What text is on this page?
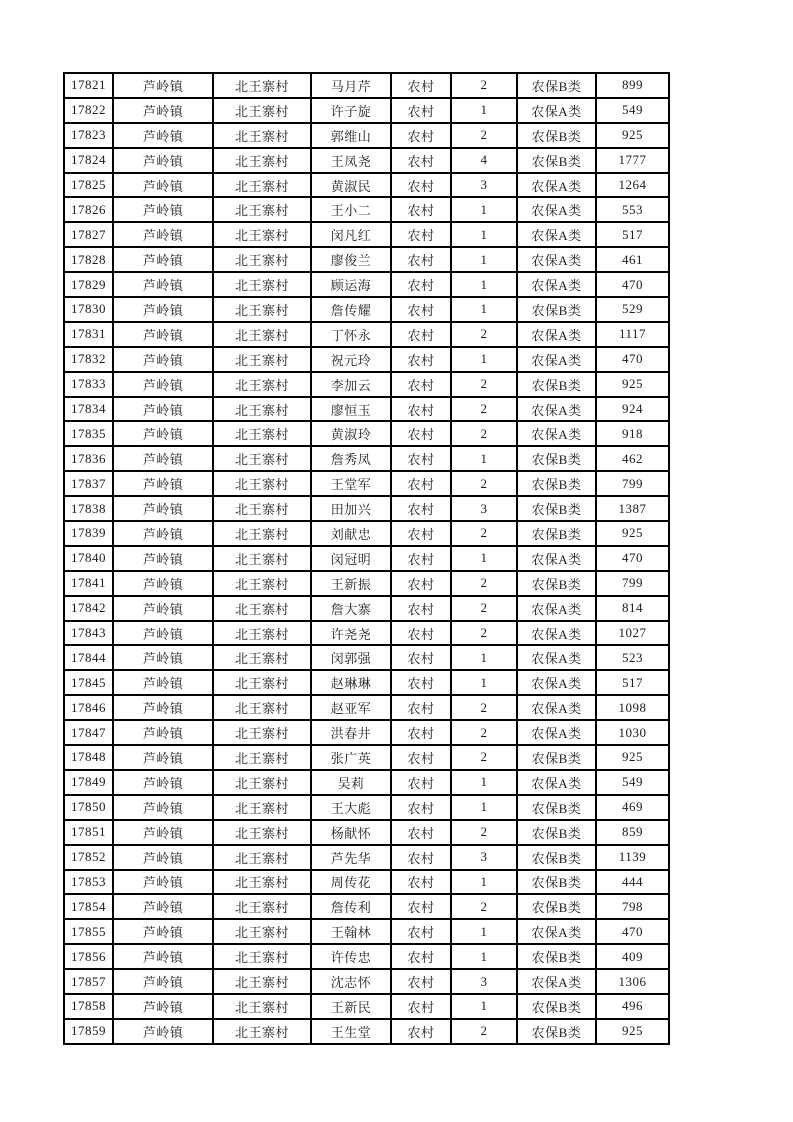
17821	芦岭镇	北王寨村	马月芹	农村	2	农保B类	899
17822	芦岭镇	北王寨村	许子旋	农村	1	农保A类	549
17823	芦岭镇	北王寨村	郭维山	农村	2	农保B类	925
17824	芦岭镇	北王寨村	王凤尧	农村	4	农保B类	1777
17825	芦岭镇	北王寨村	黄淑民	农村	3	农保A类	1264
17826	芦岭镇	北王寨村	王小二	农村	1	农保A类	553
17827	芦岭镇	北王寨村	闵凡红	农村	1	农保A类	517
17828	芦岭镇	北王寨村	廖俊兰	农村	1	农保A类	461
17829	芦岭镇	北王寨村	顾运海	农村	1	农保A类	470
17830	芦岭镇	北王寨村	詹传耀	农村	1	农保B类	529
17831	芦岭镇	北王寨村	丁怀永	农村	2	农保A类	1117
17832	芦岭镇	北王寨村	祝元玲	农村	1	农保A类	470
17833	芦岭镇	北王寨村	李加云	农村	2	农保B类	925
17834	芦岭镇	北王寨村	廖恒玉	农村	2	农保A类	924
17835	芦岭镇	北王寨村	黄淑玲	农村	2	农保A类	918
17836	芦岭镇	北王寨村	詹秀凤	农村	1	农保B类	462
17837	芦岭镇	北王寨村	王堂军	农村	2	农保B类	799
17838	芦岭镇	北王寨村	田加兴	农村	3	农保B类	1387
17839	芦岭镇	北王寨村	刘献忠	农村	2	农保B类	925
17840	芦岭镇	北王寨村	闵冠明	农村	1	农保A类	470
17841	芦岭镇	北王寨村	王新振	农村	2	农保B类	799
17842	芦岭镇	北王寨村	詹大寨	农村	2	农保A类	814
17843	芦岭镇	北王寨村	许尧尧	农村	2	农保A类	1027
17844	芦岭镇	北王寨村	闵郭强	农村	1	农保A类	523
17845	芦岭镇	北王寨村	赵琳琳	农村	1	农保A类	517
17846	芦岭镇	北王寨村	赵亚军	农村	2	农保A类	1098
17847	芦岭镇	北王寨村	洪春井	农村	2	农保A类	1030
17848	芦岭镇	北王寨村	张广英	农村	2	农保B类	925
17849	芦岭镇	北王寨村	吴莉	农村	1	农保A类	549
17850	芦岭镇	北王寨村	王大彪	农村	1	农保B类	469
17851	芦岭镇	北王寨村	杨献怀	农村	2	农保B类	859
17852	芦岭镇	北王寨村	芦先华	农村	3	农保B类	1139
17853	芦岭镇	北王寨村	周传花	农村	1	农保B类	444
17854	芦岭镇	北王寨村	詹传利	农村	2	农保B类	798
17855	芦岭镇	北王寨村	王翰林	农村	1	农保A类	470
17856	芦岭镇	北王寨村	许传忠	农村	1	农保B类	409
17857	芦岭镇	北王寨村	沈志怀	农村	3	农保A类	1306
17858	芦岭镇	北王寨村	王新民	农村	1	农保B类	496
17859	芦岭镇	北王寨村	王生堂	农村	2	农保B类	925
